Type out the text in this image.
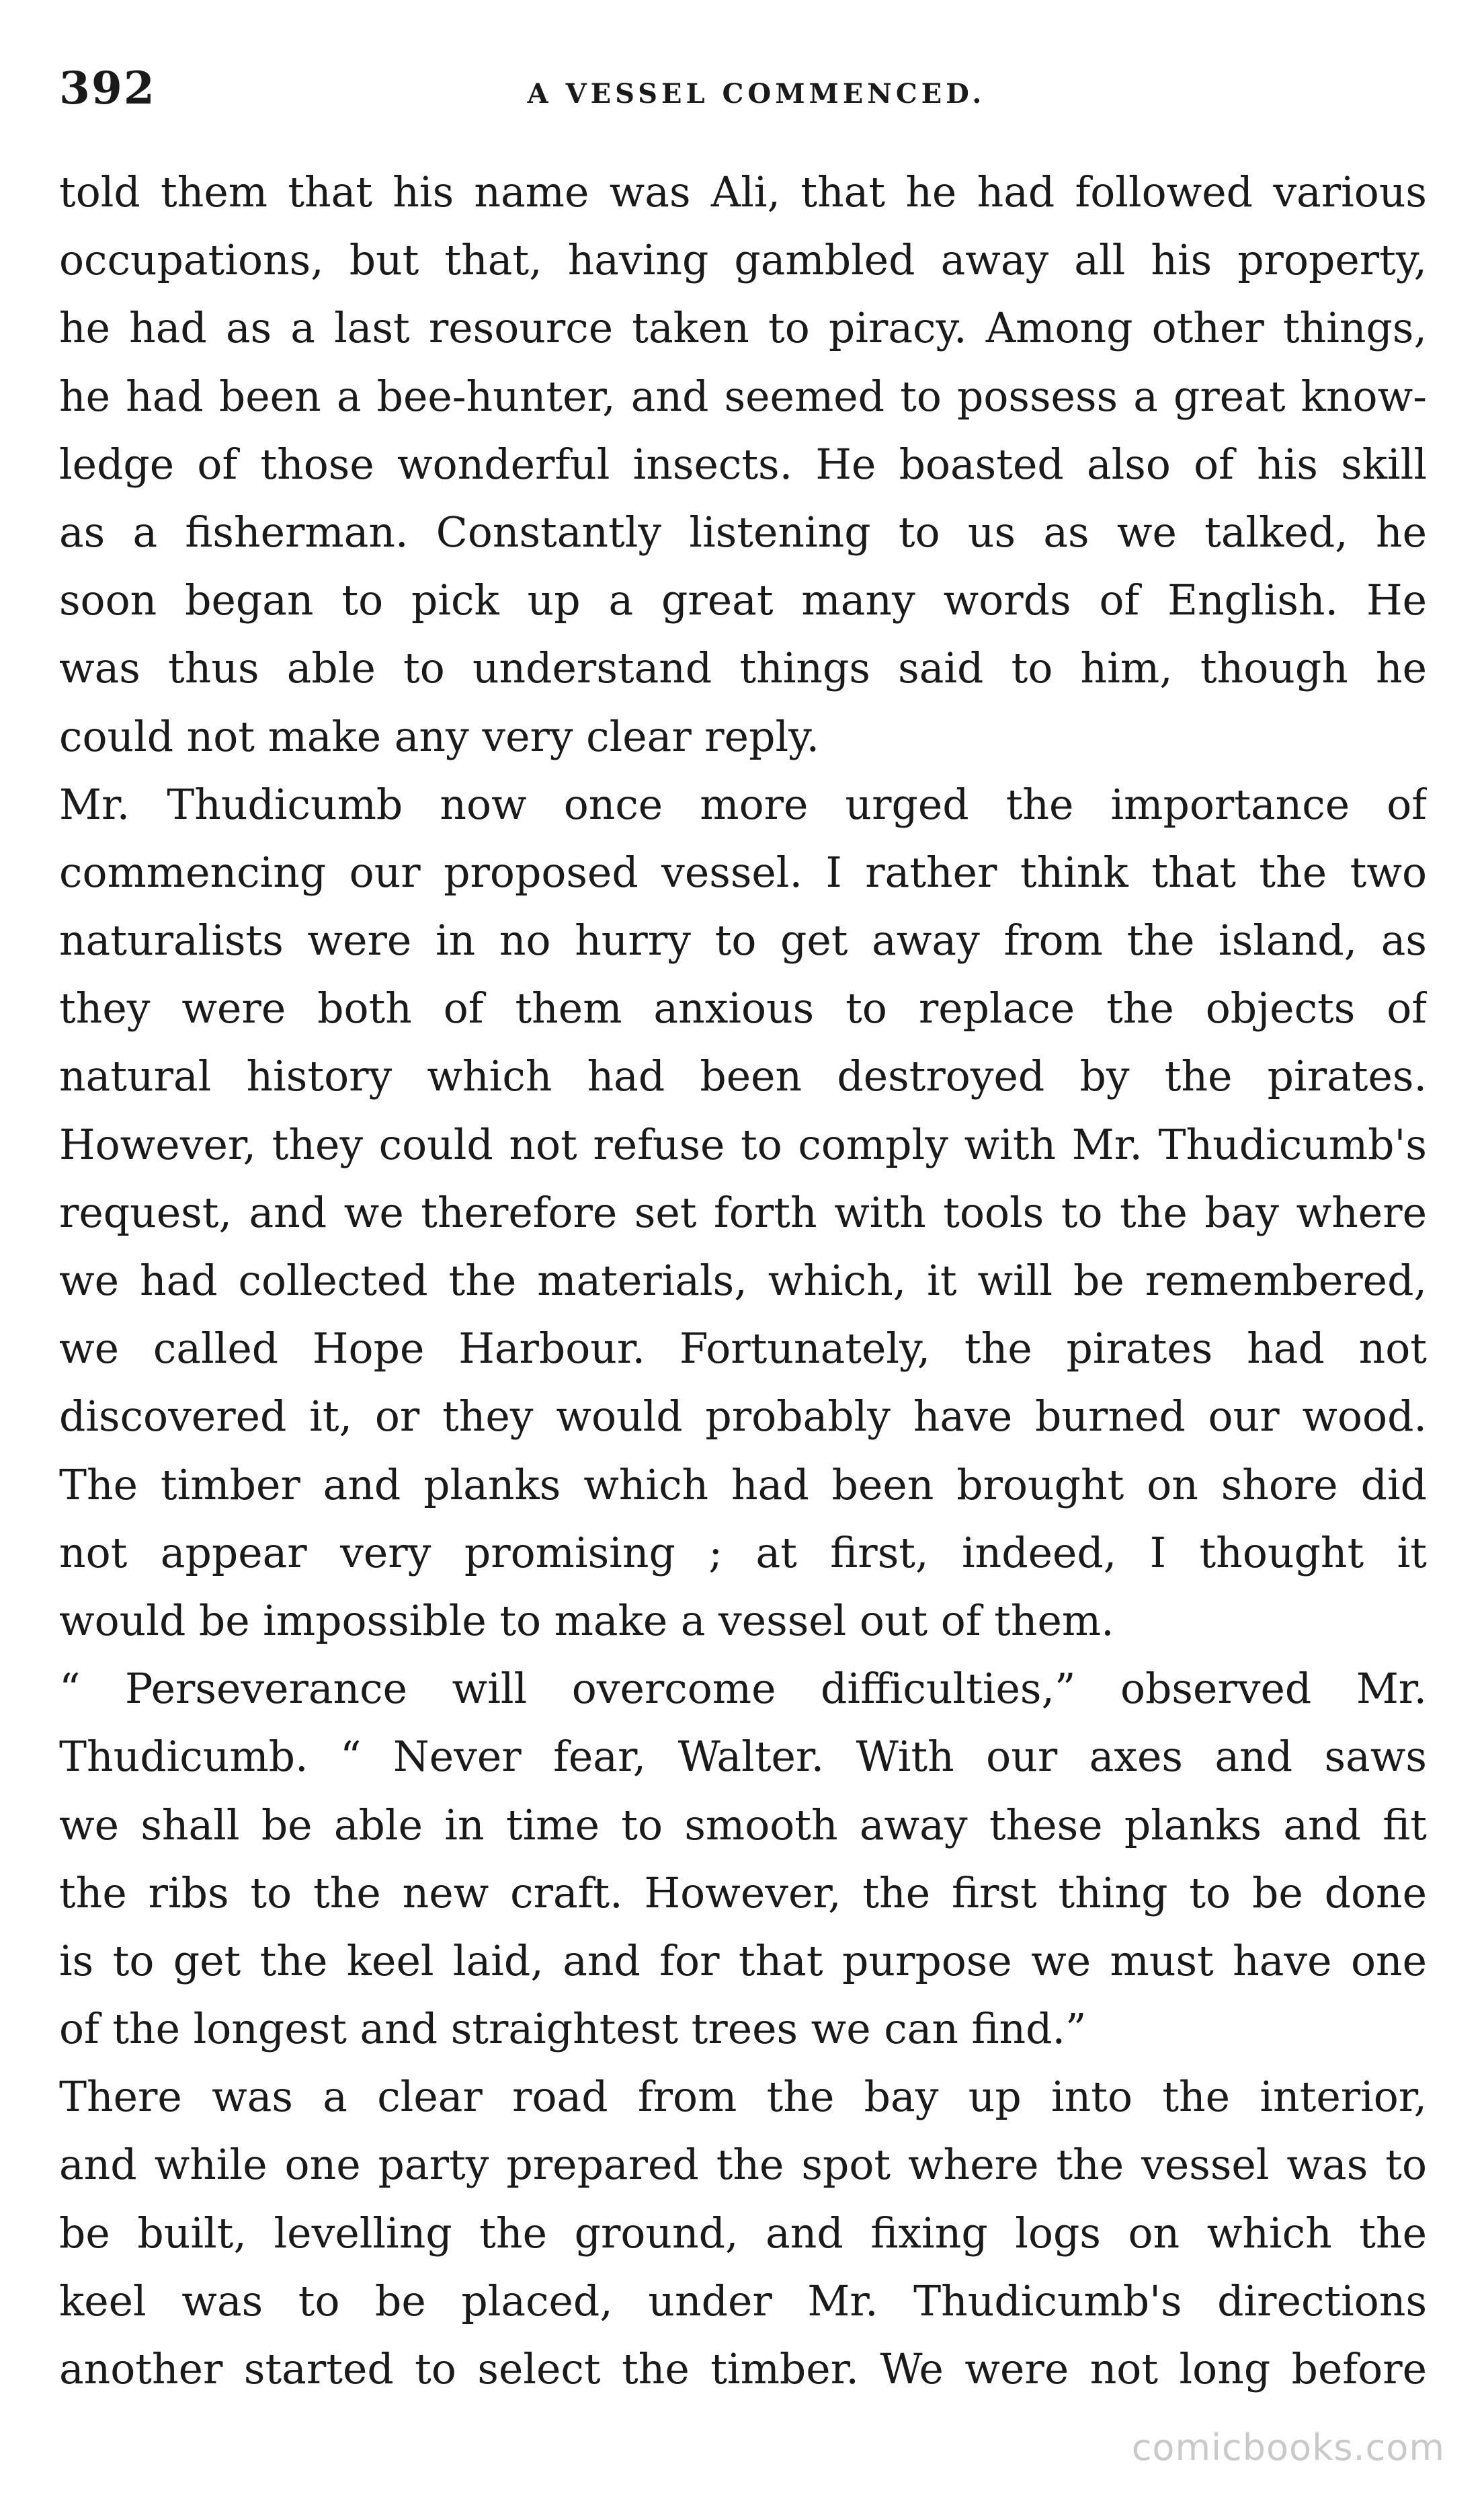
392	A VESSEL COMMENCED.
told them that his name was Ali, that he had followed various
occupations, but that, having gambled away all his property,
he had as a last resource taken to piracy. Among other things,
he had been a bee-hunter, and seemed to possess a great know-
ledge of those wonderful insects. He boasted also of his skill
as a fisherman. Constantly listening to us as we talked, he
soon began to pick up a great many words of English. He
was thus able to understand things said to him, though he
could not make any very clear reply.
Mr. Thudicumb now once more urged the importance of
commencing our proposed vessel. I rather think that the two
naturalists were in no hurry to get away from the island, as
they were both of them anxious to replace the objects of
natural history which had been destroyed by the pirates.
However, they could not refuse to comply with Mr. Thudicumb's
request, and we therefore set forth with tools to the bay where
we had collected the materials, which, it will be remembered,
we called Hope Harbour. Fortunately, the pirates had not
discovered it, or they would probably have burned our wood.
The timber and planks which had been brought on shore did
not appear very promising ; at first, indeed, I thought it
would be impossible to make a vessel out of them.
“ Perseverance will overcome difficulties,” observed Mr.
Thudicumb. “ Never fear, Walter. With our axes and saws
we shall be able in time to smooth away these planks and fit
the ribs to the new craft. However, the first thing to be done
is to get the keel laid, and for that purpose we must have one
of the longest and straightest trees we can find.”
There was a clear road from the bay up into the interior,
and while one party prepared the spot where the vessel was to
be built, levelling the ground, and fixing logs on which the
keel was to be placed, under Mr. Thudicumb's directions
another started to select the timber. We were not long before
comicbooks.com
